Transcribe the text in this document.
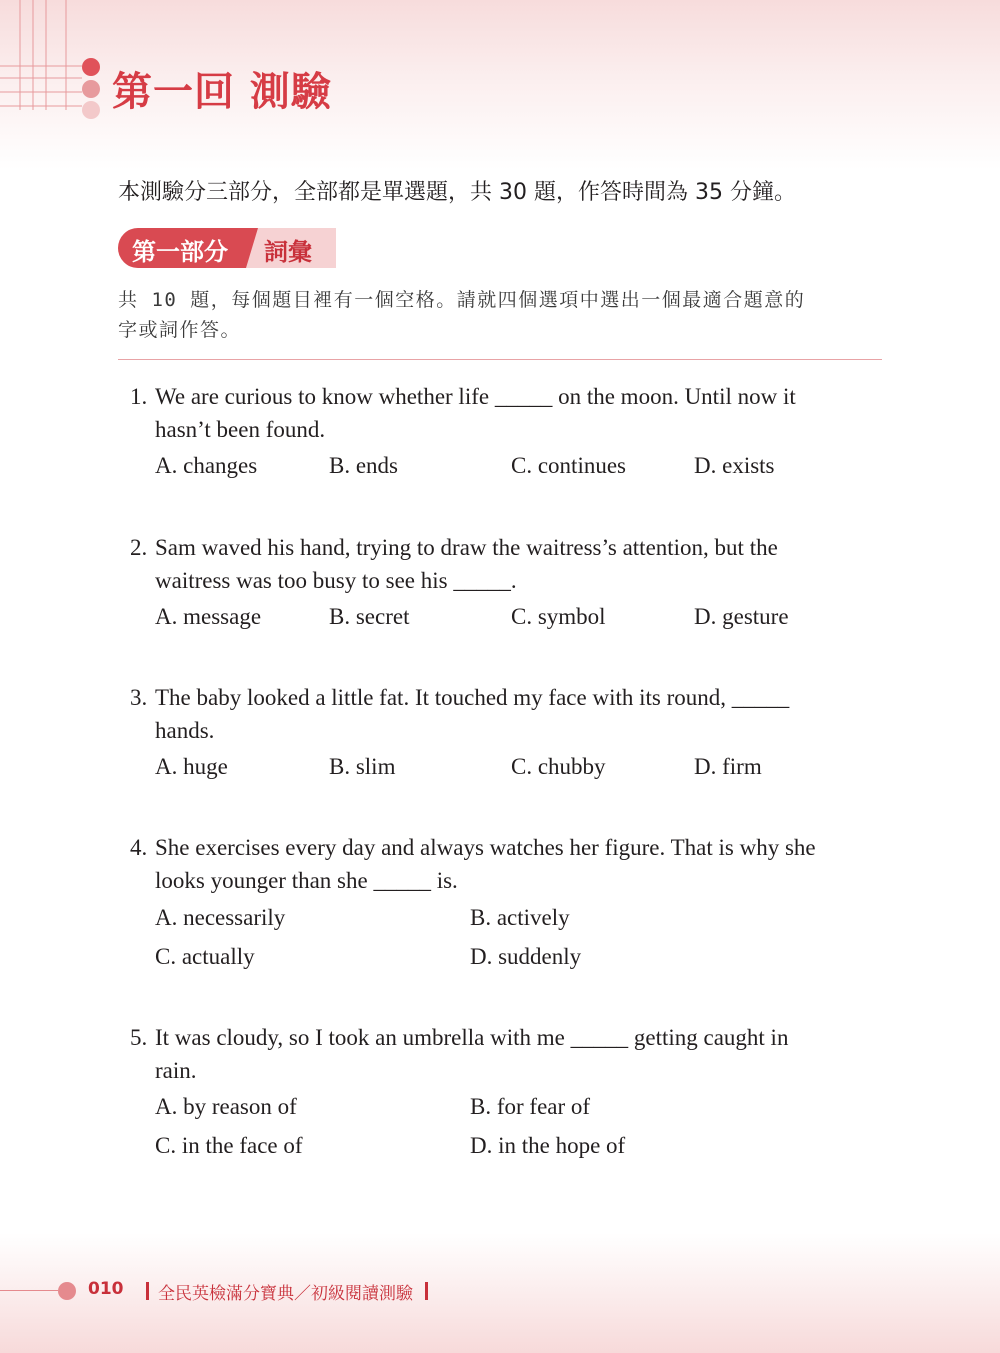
第一回 測驗
本測驗分三部分，全部都是單選題，共 30 題，作答時間為 35 分鐘。
第一部分 詞彙
共 10 題，每個題目裡有一個空格。請就四個選項中選出一個最適合題意的
字或詞作答。
1. We are curious to know whether life _____ on the moon. Until now it
hasn’t been found.
A. changes	B. ends	C. continues	D. exists
2. Sam waved his hand, trying to draw the waitress’s attention, but the
waitress was too busy to see his _____.
A. message	B. secret	C. symbol	D. gesture
3. The baby looked a little fat. It touched my face with its round, _____
hands.
A. huge	B. slim	C. chubby	D. firm
4. She exercises every day and always watches her figure. That is why she
looks younger than she _____ is.
A. necessarily	B. actively
C. actually	D. suddenly
5. It was cloudy, so I took an umbrella with me _____ getting caught in
rain.
A. by reason of	B. for fear of
C. in the face of	D. in the hope of
010 全民英檢滿分寶典／初級閱讀測驗
